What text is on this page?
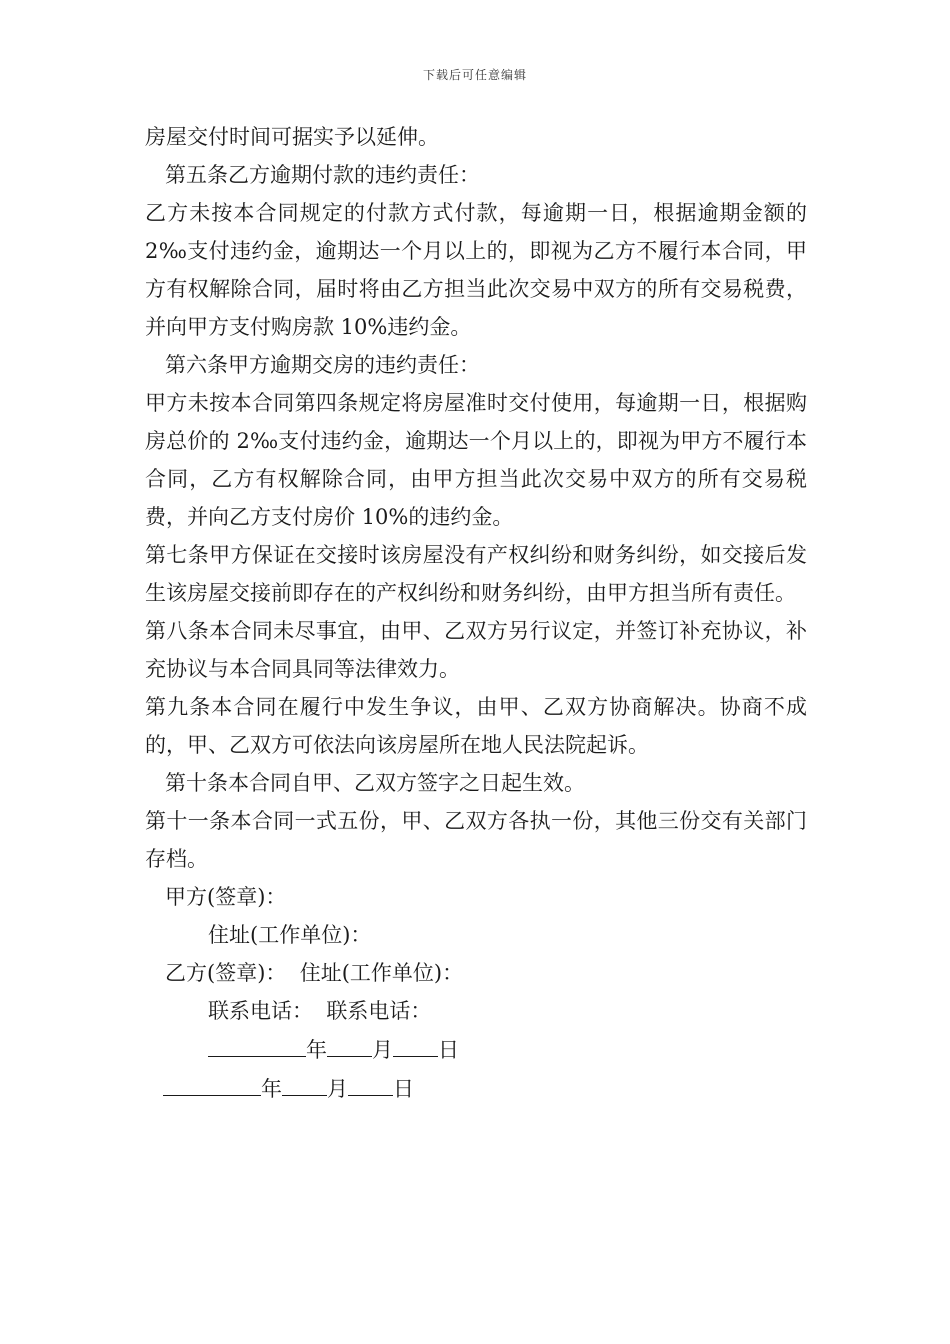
下载后可任意编辑

房屋交付时间可据实予以延伸。

第五条乙方逾期付款的违约责任：

乙方未按本合同规定的付款方式付款，每逾期一日，根据逾期金额的 2‰支付违约金，逾期达一个月以上的，即视为乙方不履行本合同，甲方有权解除合同，届时将由乙方担当此次交易中双方的所有交易税费，并向甲方支付购房款 10%违约金。

第六条甲方逾期交房的违约责任：

甲方未按本合同第四条规定将房屋准时交付使用，每逾期一日，根据购房总价的 2‰支付违约金，逾期达一个月以上的，即视为甲方不履行本合同，乙方有权解除合同，由甲方担当此次交易中双方的所有交易税费，并向乙方支付房价 10%的违约金。

第七条甲方保证在交接时该房屋没有产权纠纷和财务纠纷，如交接后发生该房屋交接前即存在的产权纠纷和财务纠纷，由甲方担当所有责任。

第八条本合同未尽事宜，由甲、乙双方另行议定，并签订补充协议，补充协议与本合同具同等法律效力。

第九条本合同在履行中发生争议，由甲、乙双方协商解决。协商不成的，甲、乙双方可依法向该房屋所在地人民法院起诉。

第十条本合同自甲、乙双方签字之日起生效。

第十一条本合同一式五份，甲、乙双方各执一份，其他三份交有关部门存档。

甲方(签章)：

住址(工作单位)：

乙方(签章)：  住址(工作单位)：

联系电话：  联系电话：

年 月 日

年 月 日
